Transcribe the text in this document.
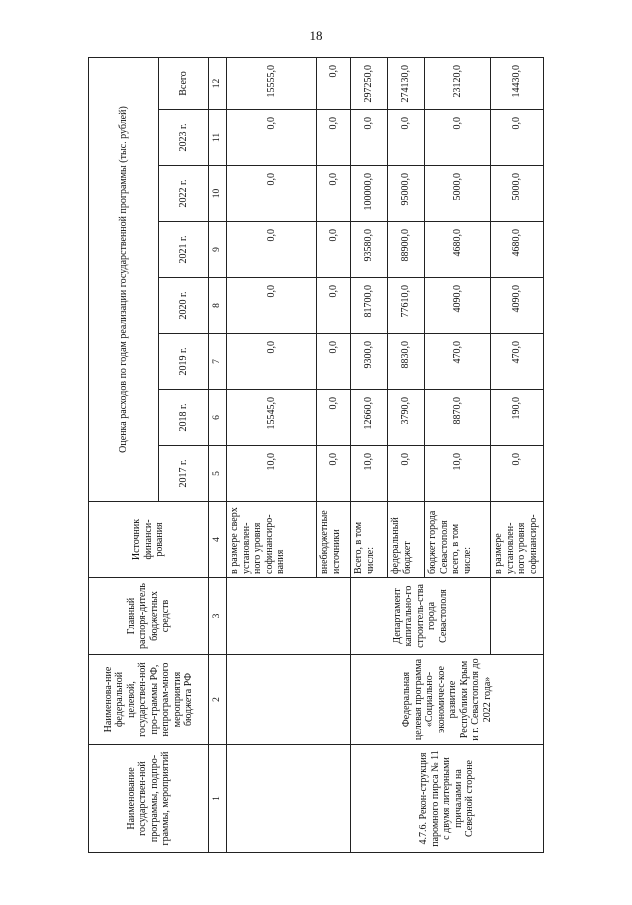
18
Наименование государствен-ной программы, подпро-граммы, мероприятий	Наименова-ние федеральной целевой, государствен-ной про-граммы РФ, непрограм-много мероприятия бюджета РФ	Главный распоря-дитель бюджетных средств	Источник финанси-рования	Оценка расходов по годам реализации государственной программы (тыс. рублей)							
				2017 г.	2018 г.	2019 г.	2020 г.	2021 г.	2022 г.	2023 г.	Всего
1	2	3	4	5	6	7	8	9	10	11	12
			в размере сверх установлен-ного уровня софинансиро-вания	10,0	15545,0	0,0	0,0	0,0	0,0	0,0	15555,0
			внебюджетные источники	0,0	0,0	0,0	0,0	0,0	0,0	0,0	0,0
4.7.6. Рекон-струкция паромного пирса № 11 с двумя литерными причалами на Северной стороне	Федеральная целевая программа «Социально-экономичес-кое развитие Республики Крым и г. Севастополя до 2022 года»	Департамент капитально-го строитель-ства города Севастополя	Всего, в том числе:	10,0	12660,0	9300,0	81700,0	93580,0	100000,0	0,0	297250,0
			федеральный бюджет	0,0	3790,0	8830,0	77610,0	88900,0	95000,0	0,0	274130,0
			бюджет города Севастополя всего, в том числе:	10,0	8870,0	470,0	4090,0	4680,0	5000,0	0,0	23120,0
			в размере установлен-ного уровня софинансиро-	0,0	190,0	470,0	4090,0	4680,0	5000,0	0,0	14430,0
